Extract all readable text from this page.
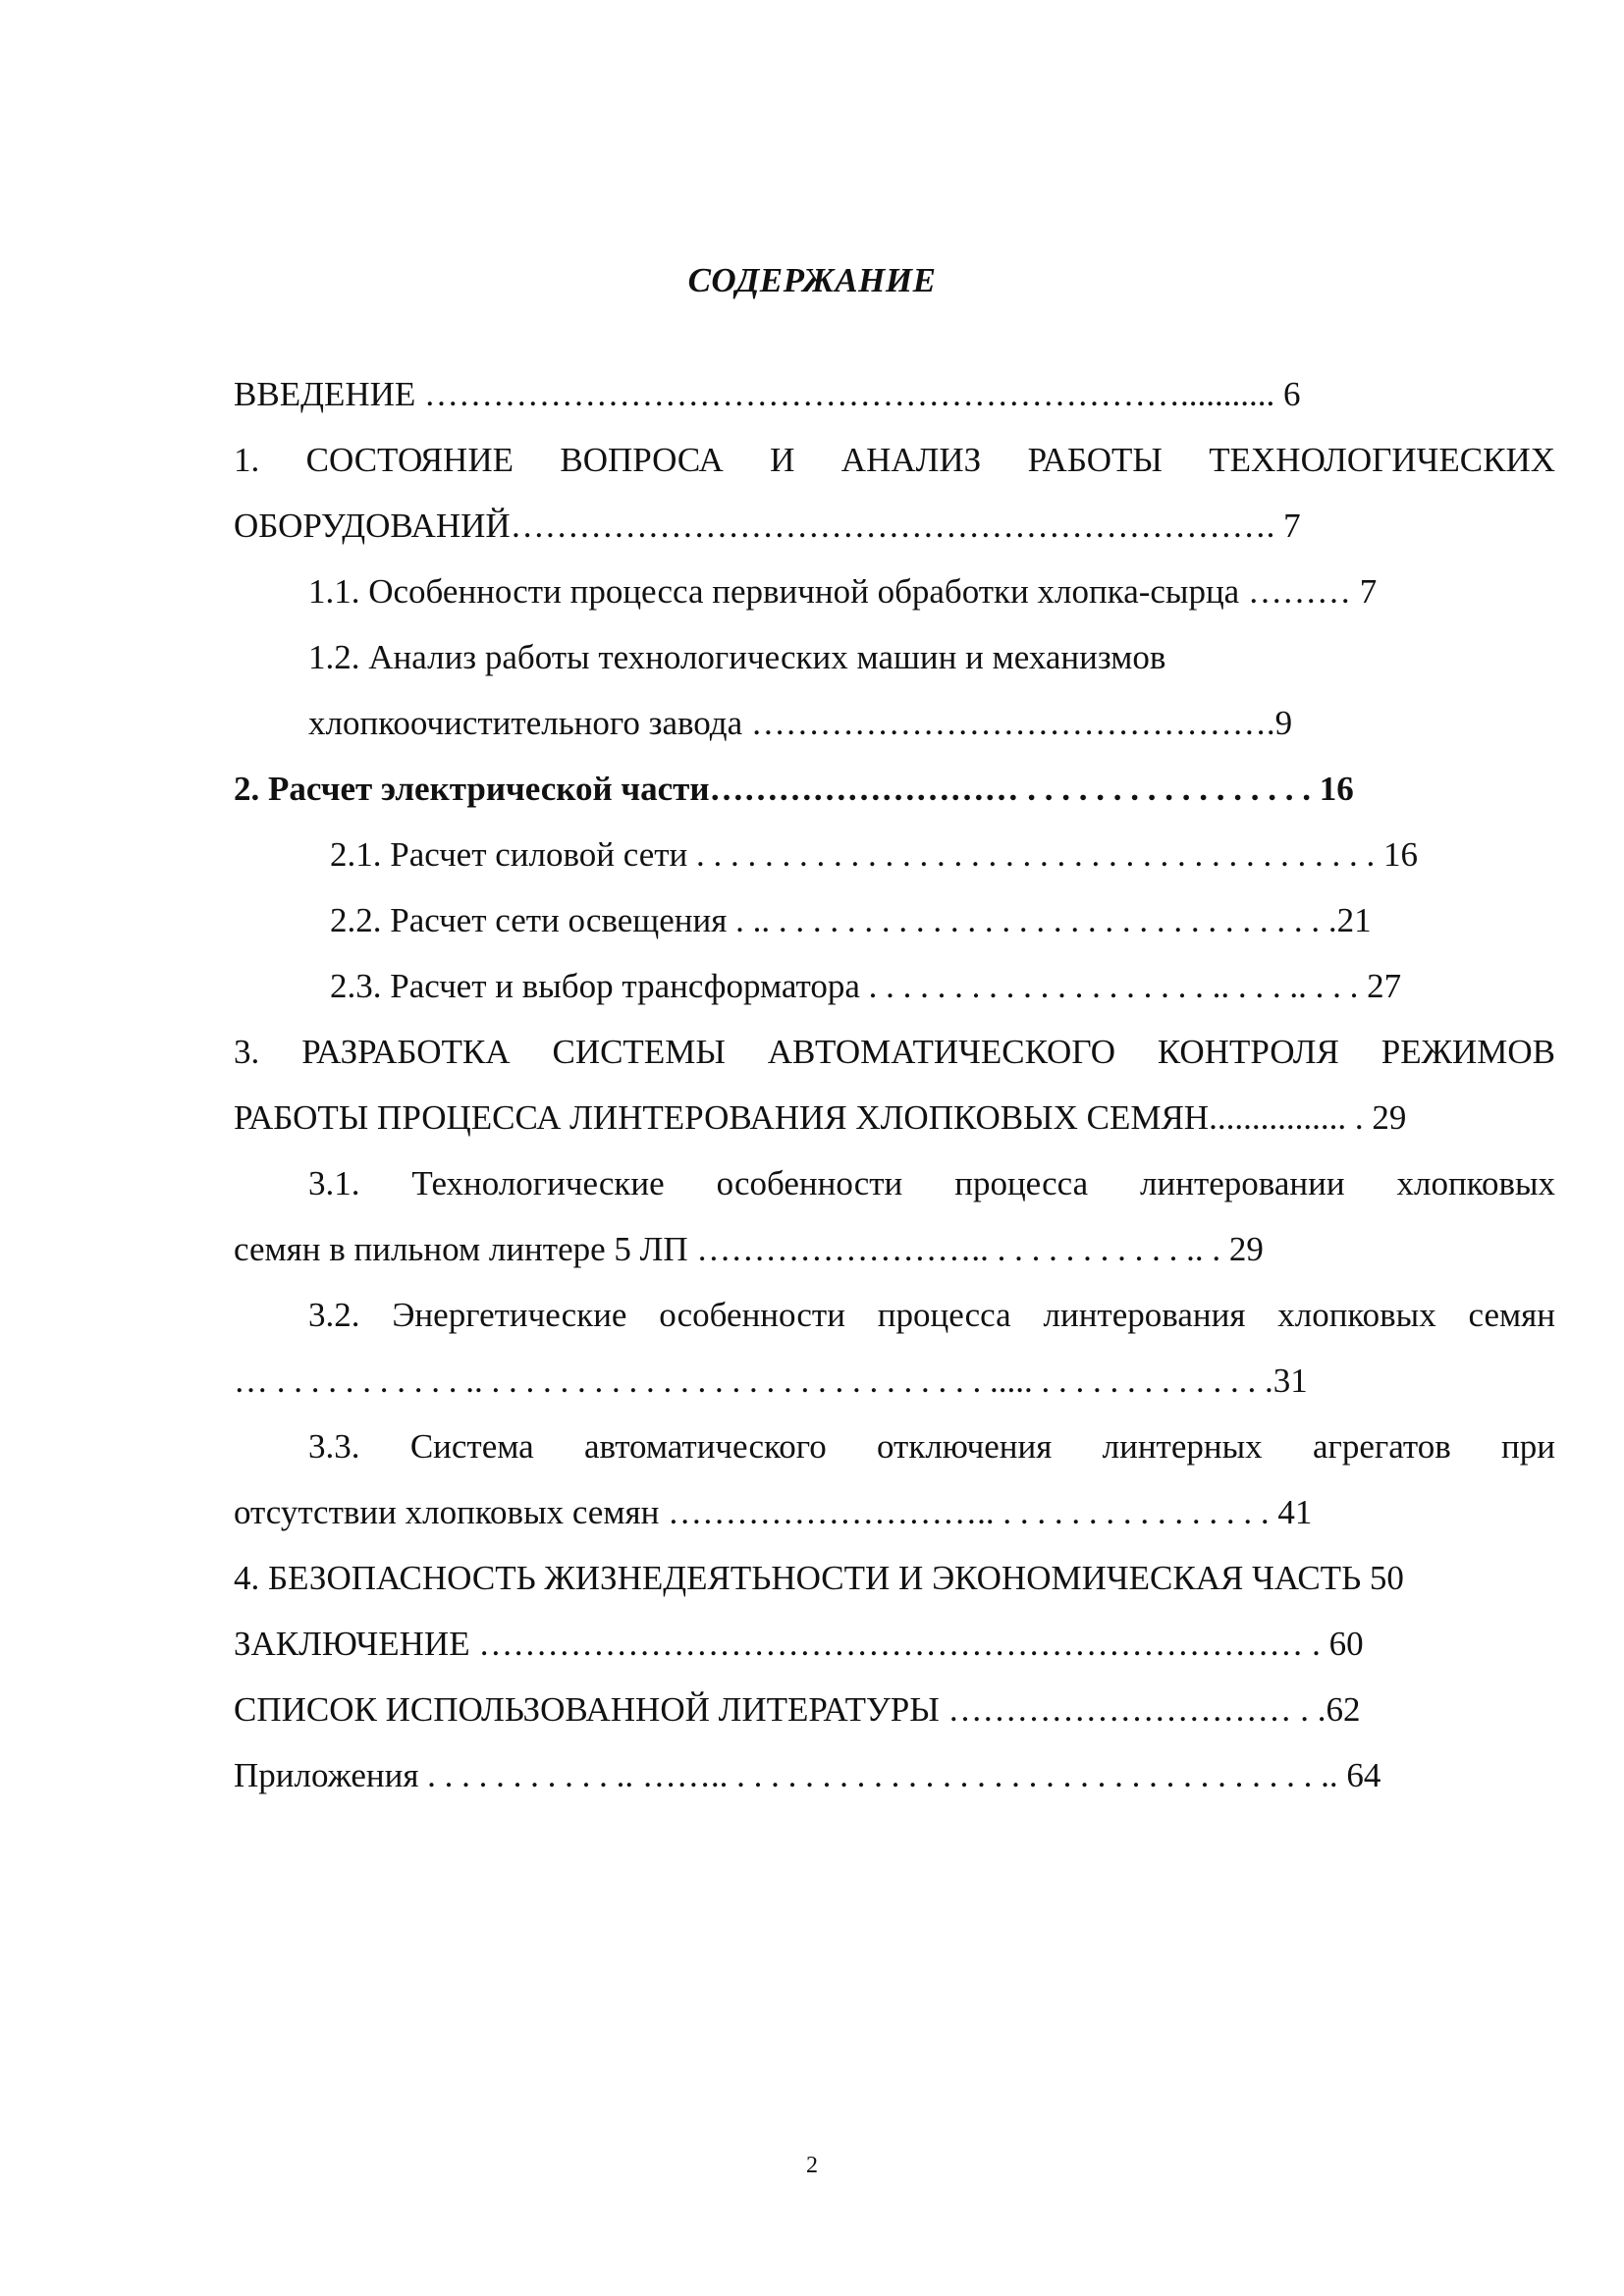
СОДЕРЖАНИЕ
ВВЕДЕНИЕ …………………………………………………………........... 6
1. СОСТОЯНИЕ ВОПРОСА И АНАЛИЗ РАБОТЫ ТЕХНОЛОГИЧЕСКИХ
ОБОРУДОВАНИЙ…………………………………………………………. 7
1.1. Особенности процесса первичной обработки хлопка-сырца ……… 7
1.2. Анализ работы технологических машин и механизмов
хлопкоочистительного завода ……………………………………….9
2. Расчет электрической части……………………… . . . . . . . . . . . . . . . . . 16
2.1. Расчет силовой сети . . . . . . . . . . . . . . . . . . . . . . . . . . . . . . . . . . . . . . . . 16
2.2. Расчет сети освещения . .. . . . . . . . . . . . . . . . . . . . . . . . . . . . . . . . . .21
2.3. Расчет и выбор трансформатора . . . . . . . . . . . . . . . . . . . . .. . . . .. . . . 27
3. РАЗРАБОТКА СИСТЕМЫ АВТОМАТИЧЕСКОГО КОНТРОЛЯ РЕЖИМОВ
РАБОТЫ ПРОЦЕССА ЛИНТЕРОВАНИЯ ХЛОПКОВЫХ СЕМЯН................ . 29
3.1. Технологические особенности процесса линтеровании хлопковых
семян в пильном линтере 5 ЛП …………………….. . . . . . . . . . . . .. . 29
3.2. Энергетические особенности процесса линтерования хлопковых семян
… . . . . . . . . . . . .. . . . . . . . . . . . . . . . . . . . . . . . . . . . . . ..... . . . . . . . . . . . . . .31
3.3. Система автоматического отключения линтерных агрегатов при
отсутствии хлопковых семян ……………………….. . . . . . . . . . . . . . . . . 41
4. БЕЗОПАСНОСТЬ ЖИЗНЕДЕЯТЬНОСТИ И ЭКОНОМИЧЕСКАЯ ЧАСТЬ 50
ЗАКЛЮЧЕНИЕ ……………………………………………………………… . 60
СПИСОК ИСПОЛЬЗОВАННОЙ ЛИТЕРАТУРЫ ………………………… . .62
Приложения . . . . . . . . . . . .. …….. . . . . . . . . . . . . . . . . . . . . . . . . . . . . . . . . . . .. 64
2
